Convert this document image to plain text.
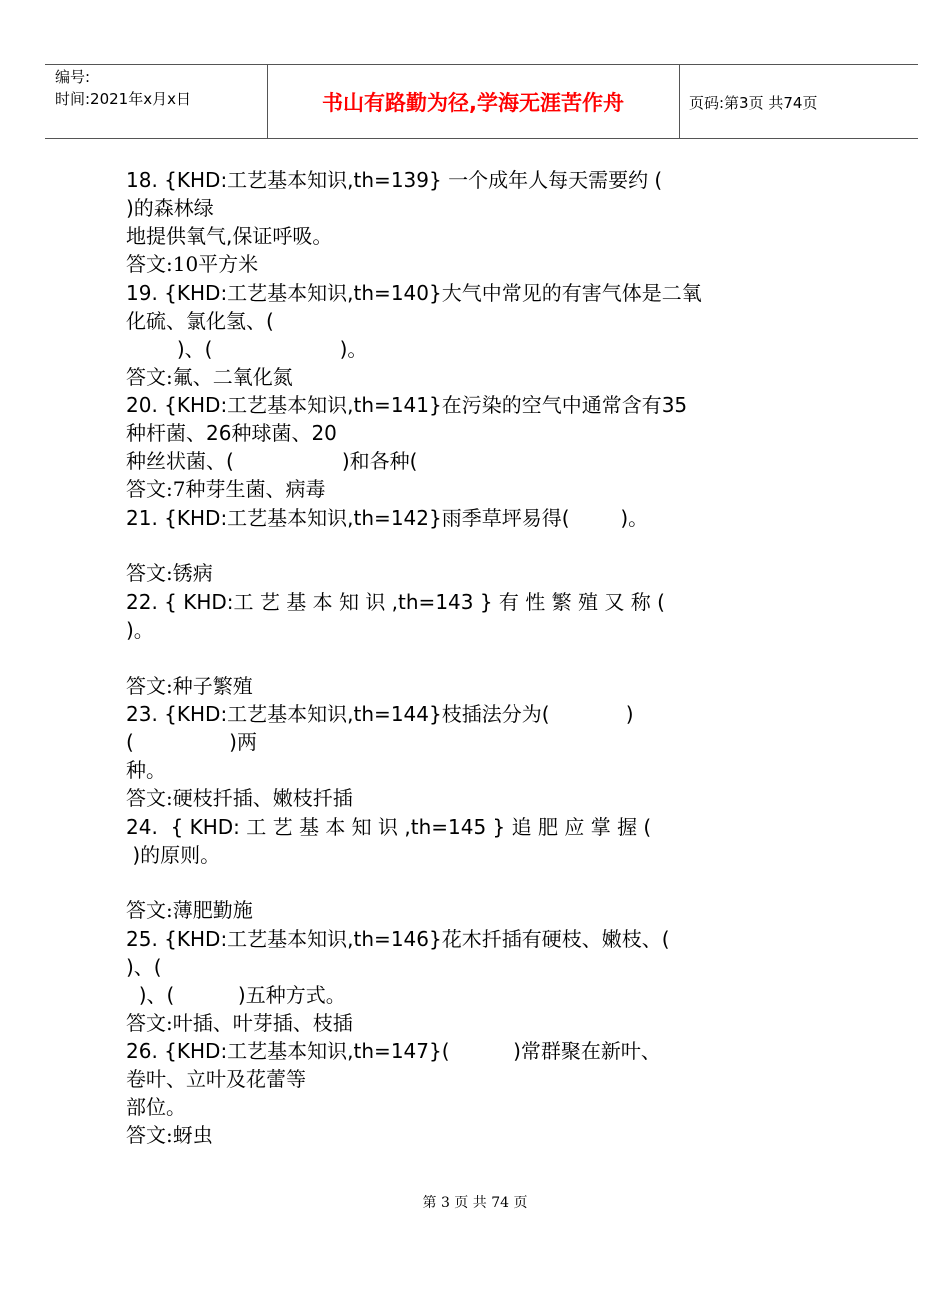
编号:
时间:2021年x月x日	书山有路勤为径,学海无涯苦作舟	页码:第3页 共74页
18. {KHD:工艺基本知识,th=139} 一个成年人每天需要约 (
)的森林绿
地提供氧气,保证呼吸。
答文:10平方米
19. {KHD:工艺基本知识,th=140}大气中常见的有害气体是二氧
化硫、氯化氢、(
)、(                    )。
答文:氟、二氧化氮
20. {KHD:工艺基本知识,th=141}在污染的空气中通常含有35
种杆菌、26种球菌、20
种丝状菌、(                 )和各种(
答文:7种芽生菌、病毒
21. {KHD:工艺基本知识,th=142}雨季草坪易得(        )。
答文:锈病
22. { KHD:工 艺 基 本 知 识 ,th=143 } 有 性 繁 殖 又 称 (
)。
答文:种子繁殖
23. {KHD:工艺基本知识,th=144}枝插法分为(            )
(               )两
种。
答文:硬枝扦插、嫩枝扦插
24.  { KHD: 工 艺 基 本 知 识 ,th=145 } 追 肥 应 掌 握 (
)的原则。
答文:薄肥勤施
25. {KHD:工艺基本知识,th=146}花木扦插有硬枝、嫩枝、(
)、(
)、(          )五种方式。
答文:叶插、叶芽插、枝插
26. {KHD:工艺基本知识,th=147}(          )常群聚在新叶、
卷叶、立叶及花蕾等
部位。
答文:蚜虫
第 3 页 共 74 页
